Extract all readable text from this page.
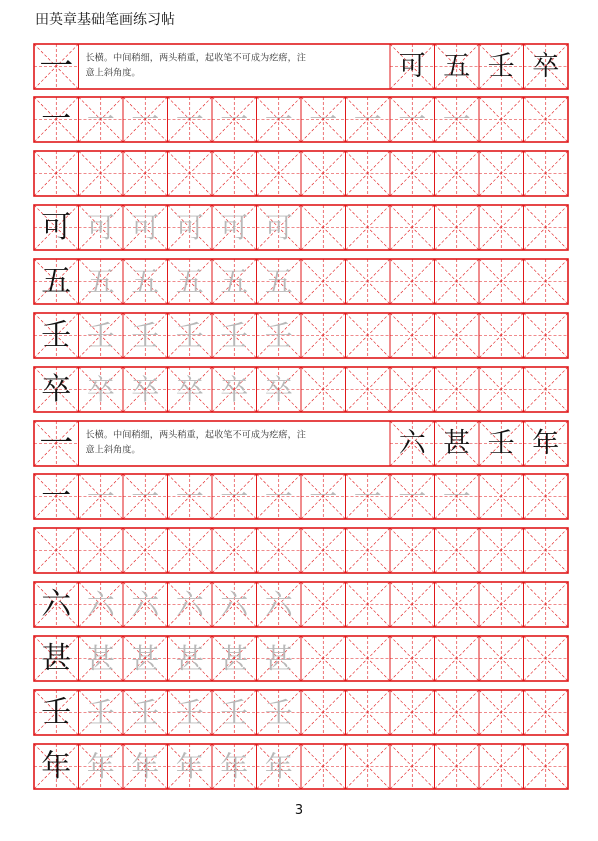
田英章基础笔画练习帖
一 长横。中间稍细，两头稍重，起收笔不可成为疙瘩，注
意上斜角度。	可 五 壬 卒
一 一 一 一 一 一 一 一 一 一
可 可 可 可 可 可
五 五 五 五 五 五
壬 壬 壬 壬 壬 壬
卒 卒 卒 卒 卒 卒
一 长横。中间稍细，两头稍重，起收笔不可成为疙瘩，注
意上斜角度。	六 甚 壬 年
一 一 一 一 一 一 一 一 一 一
六 六 六 六 六 六
甚 甚 甚 甚 甚 甚
壬 壬 壬 壬 壬 壬
年 年 年 年 年 年
3
